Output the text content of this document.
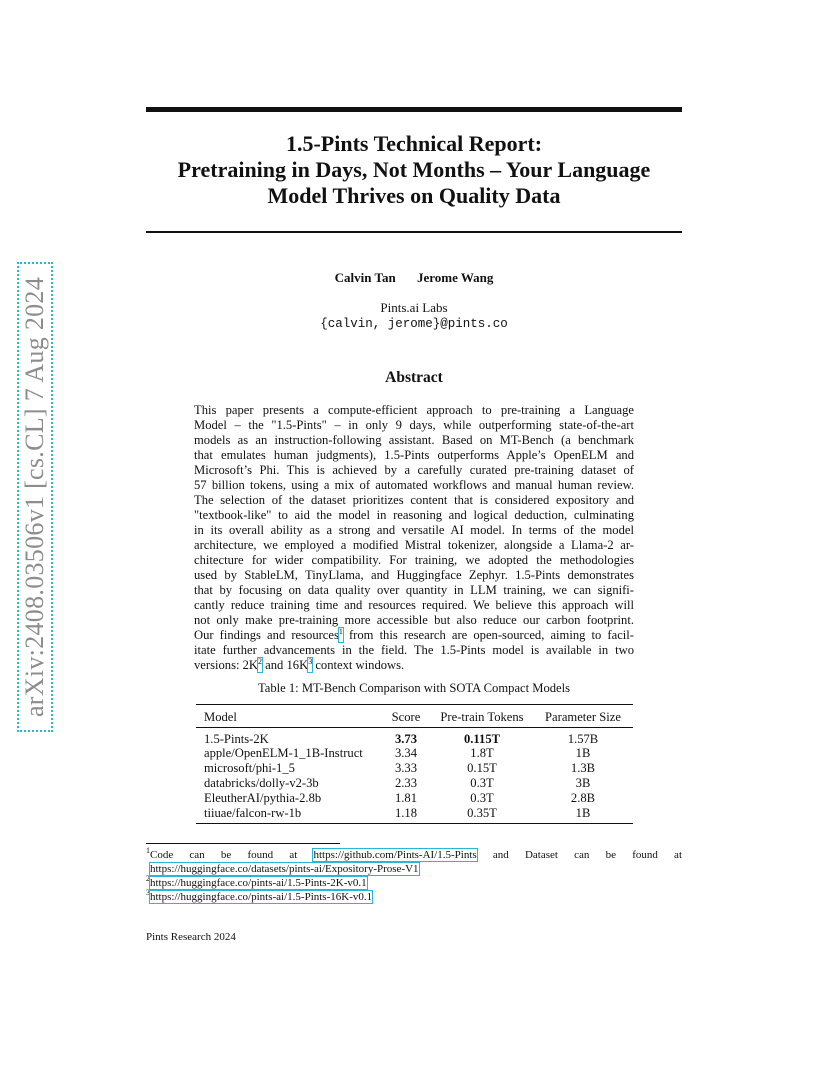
arXiv:2408.03506v1 [cs.CL] 7 Aug 2024
1.5-Pints Technical Report:
Pretraining in Days, Not Months – Your Language
Model Thrives on Quality Data
Calvin Tan Jerome Wang
Pints.ai Labs
{calvin, jerome}@pints.co
Abstract
This paper presents a compute-efficient approach to pre-training a Language
Model – the "1.5-Pints" – in only 9 days, while outperforming state-of-the-art
models as an instruction-following assistant. Based on MT-Bench (a benchmark
that emulates human judgments), 1.5-Pints outperforms Apple’s OpenELM and
Microsoft’s Phi. This is achieved by a carefully curated pre-training dataset of
57 billion tokens, using a mix of automated workflows and manual human review.
The selection of the dataset prioritizes content that is considered expository and
"textbook-like" to aid the model in reasoning and logical deduction, culminating
in its overall ability as a strong and versatile AI model. In terms of the model
architecture, we employed a modified Mistral tokenizer, alongside a Llama-2 ar-
chitecture for wider compatibility. For training, we adopted the methodologies
used by StableLM, TinyLlama, and Huggingface Zephyr. 1.5-Pints demonstrates
that by focusing on data quality over quantity in LLM training, we can signifi-
cantly reduce training time and resources required. We believe this approach will
not only make pre-training more accessible but also reduce our carbon footprint.
Our findings and resources$^1$ from this research are open-sourced, aiming to facil-
itate further advancements in the field. The 1.5-Pints model is available in two
versions: $2K^2$ and $16K^3$ context windows.
Table 1: MT-Bench Comparison with SOTA Compact Models
Model	Score	Pre-train Tokens	Parameter Size
1.5-Pints-2K	3.73	0.115T	1.57B
apple/OpenELM-1_1B-Instruct	3.34	1.8T	1B
microsoft/phi-1_5	3.33	0.15T	1.3B
databricks/dolly-v2-3b	2.33	0.3T	3B
EleutherAI/pythia-2.8b	1.81	0.3T	2.8B
tiiuae/falcon-rw-1b	1.18	0.35T	1B
$^1$Code can be found at https://github.com/Pints-AI/1.5-Pints and Dataset can be found at
https://huggingface.co/datasets/pints-ai/Expository-Prose-V1
$^2$https://huggingface.co/pints-ai/1.5-Pints-2K-v0.1
$^3$https://huggingface.co/pints-ai/1.5-Pints-16K-v0.1
Pints Research 2024
